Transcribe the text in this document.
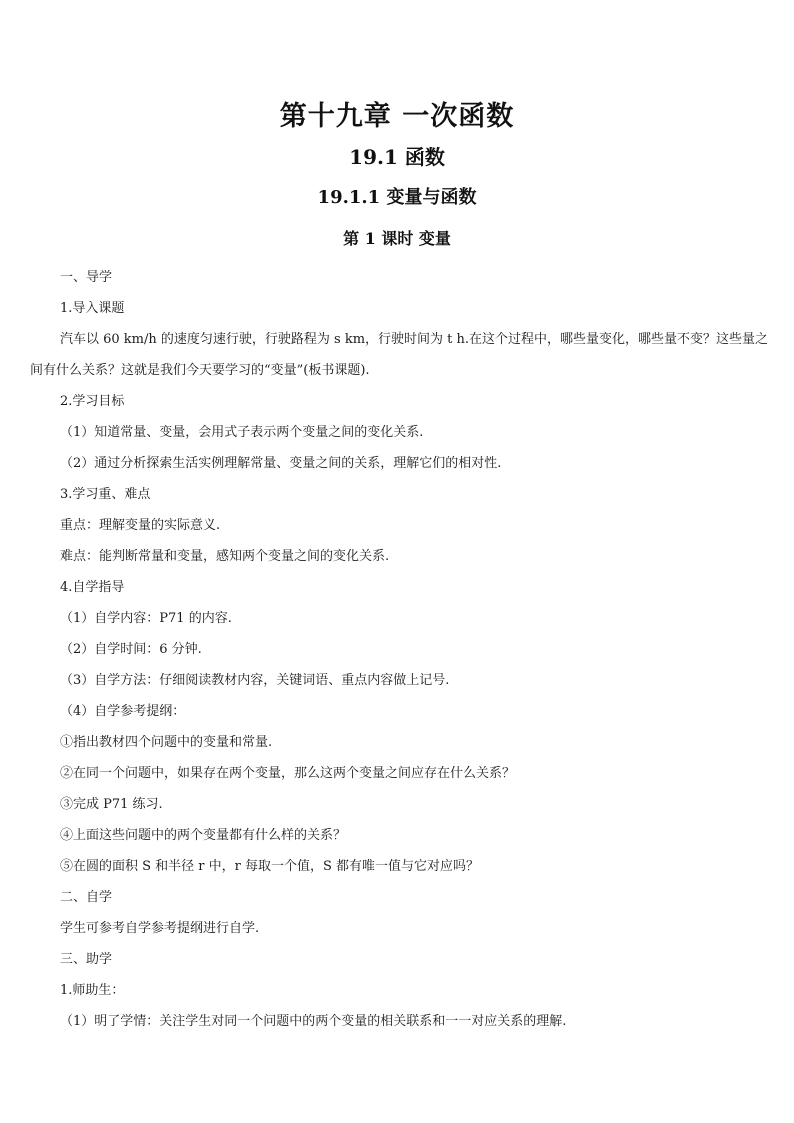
第十九章 一次函数
19.1 函数
19.1.1 变量与函数
第 1 课时 变量
一、导学
1.导入课题
汽车以 60 km/h 的速度匀速行驶，行驶路程为 s km，行驶时间为 t h.在这个过程中，哪些量变化，哪些量不变？这些量之间有什么关系？这就是我们今天要学习的“变量”(板书课题).
2.学习目标
（1）知道常量、变量，会用式子表示两个变量之间的变化关系.
（2）通过分析探索生活实例理解常量、变量之间的关系，理解它们的相对性.
3.学习重、难点
重点：理解变量的实际意义.
难点：能判断常量和变量，感知两个变量之间的变化关系.
4.自学指导
（1）自学内容：P71 的内容.
（2）自学时间：6 分钟.
（3）自学方法：仔细阅读教材内容，关键词语、重点内容做上记号.
（4）自学参考提纲：
①指出教材四个问题中的变量和常量.
②在同一个问题中，如果存在两个变量，那么这两个变量之间应存在什么关系？
③完成 P71 练习.
④上面这些问题中的两个变量都有什么样的关系？
⑤在圆的面积 S 和半径 r 中，r 每取一个值，S 都有唯一值与它对应吗？
二、自学
学生可参考自学参考提纲进行自学.
三、助学
1.师助生：
（1）明了学情：关注学生对同一个问题中的两个变量的相关联系和一一对应关系的理解.
